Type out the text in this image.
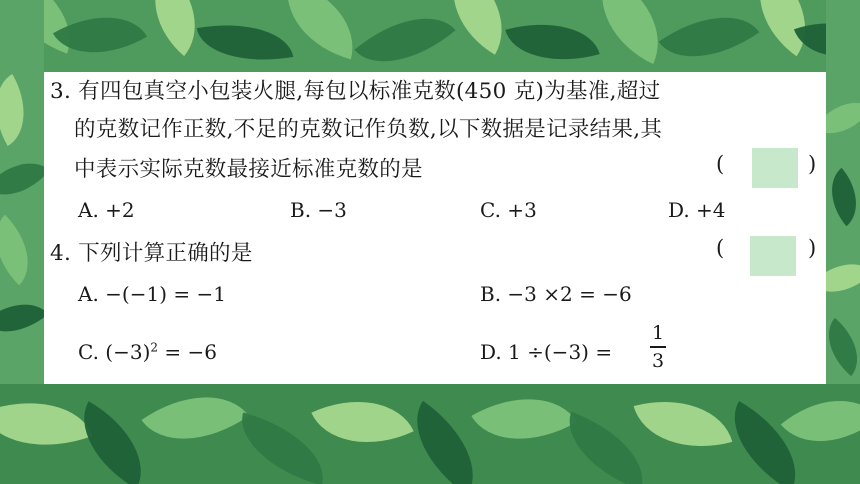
3. 有四包真空小包装火腿,每包以标准克数(450 克)为基准,超过
的克数记作正数,不足的克数记作负数,以下数据是记录结果,其
中表示实际克数最接近标准克数的是	(	)
A. +2	B. −3	C. +3	D. +4
4. 下列计算正确的是	(	)
A. −(−1) = −1	B. −3 ×2 = −6
C. $(-3)^2 = -6$	D. 1 ÷(−3) =
1
3
